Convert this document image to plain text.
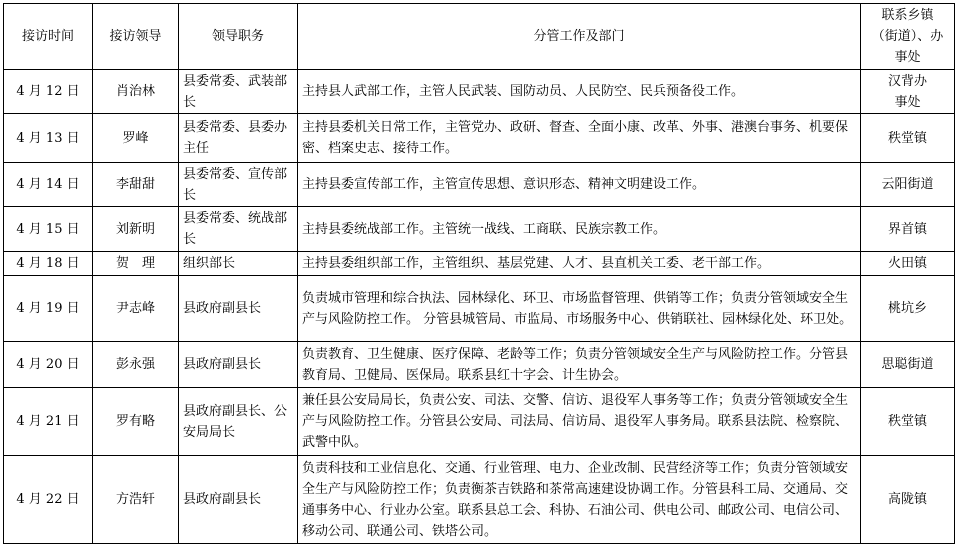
接访时间	接访领导	领导职务	分管工作及部门	联系乡镇（街道）、办事处
4 月 12 日	肖治林	县委常委、武装部长	主持县人武部工作，主管人民武装、国防动员、人民防空、民兵预备役工作。	汉背办事处
4 月 13 日	罗峰	县委常委、县委办主任	主持县委机关日常工作，主管党办、政研、督查、全面小康、改革、外事、港澳台事务、机要保密、档案史志、接待工作。	秩堂镇
4 月 14 日	李甜甜	县委常委、宣传部长	主持县委宣传部工作，主管宣传思想、意识形态、精神文明建设工作。	云阳街道
4 月 15 日	刘新明	县委常委、统战部长	主持县委统战部工作。主管统一战线、工商联、民族宗教工作。	界首镇
4 月 18 日	贺　理	组织部长	主持县委组织部工作，主管组织、基层党建、人才、县直机关工委、老干部工作。	火田镇
4 月 19 日	尹志峰	县政府副县长	负责城市管理和综合执法、园林绿化、环卫、市场监督管理、供销等工作；负责分管领域安全生产与风险防控工作。 分管县城管局、市监局、市场服务中心、供销联社、园林绿化处、环卫处。	桃坑乡
4 月 20 日	彭永强	县政府副县长	负责教育、卫生健康、医疗保障、老龄等工作；负责分管领域安全生产与风险防控工作。分管县教育局、卫健局、医保局。联系县红十字会、计生协会。	思聪街道
4 月 21 日	罗有略	县政府副县长、公安局局长	兼任县公安局局长，负责公安、司法、交警、信访、退役军人事务等工作；负责分管领域安全生产与风险防控工作。分管县公安局、司法局、信访局、退役军人事务局。联系县法院、检察院、武警中队。	秩堂镇
4 月 22 日	方浩轩	县政府副县长	负责科技和工业信息化、交通、行业管理、电力、企业改制、民营经济等工作；负责分管领域安全生产与风险防控工作；负责衡茶吉铁路和茶常高速建设协调工作。分管县科工局、交通局、交通事务中心、行业办公室。联系县总工会、科协、石油公司、供电公司、邮政公司、电信公司、移动公司、联通公司、铁塔公司。	高陇镇
